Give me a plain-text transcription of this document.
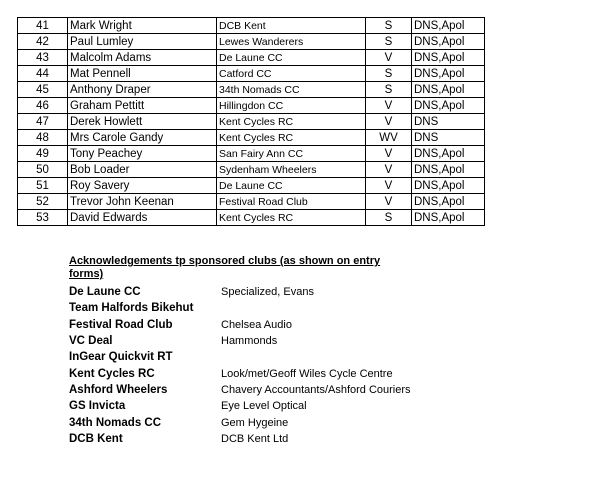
41	Mark Wright	DCB Kent	S	DNS,Apol
42	Paul Lumley	Lewes Wanderers	S	DNS,Apol
43	Malcolm Adams	De Laune CC	V	DNS,Apol
44	Mat Pennell	Catford CC	S	DNS,Apol
45	Anthony Draper	34th Nomads CC	S	DNS,Apol
46	Graham Pettitt	Hillingdon CC	V	DNS,Apol
47	Derek Howlett	Kent Cycles RC	V	DNS
48	Mrs Carole Gandy	Kent Cycles RC	WV	DNS
49	Tony Peachey	San Fairy Ann CC	V	DNS,Apol
50	Bob Loader	Sydenham Wheelers	V	DNS,Apol
51	Roy Savery	De Laune CC	V	DNS,Apol
52	Trevor John Keenan	Festival Road Club	V	DNS,Apol
53	David Edwards	Kent Cycles RC	S	DNS,Apol
Acknowledgements tp sponsored clubs (as shown on entry forms)
De Laune CC	Specialized, Evans
Team Halfords Bikehut
Festival Road Club	Chelsea Audio
VC Deal	Hammonds
InGear Quickvit RT
Kent Cycles RC	Look/met/Geoff Wiles Cycle Centre
Ashford Wheelers	Chavery Accountants/Ashford Couriers
GS Invicta	Eye Level Optical
34th Nomads CC	Gem Hygeine
DCB Kent	DCB Kent Ltd
